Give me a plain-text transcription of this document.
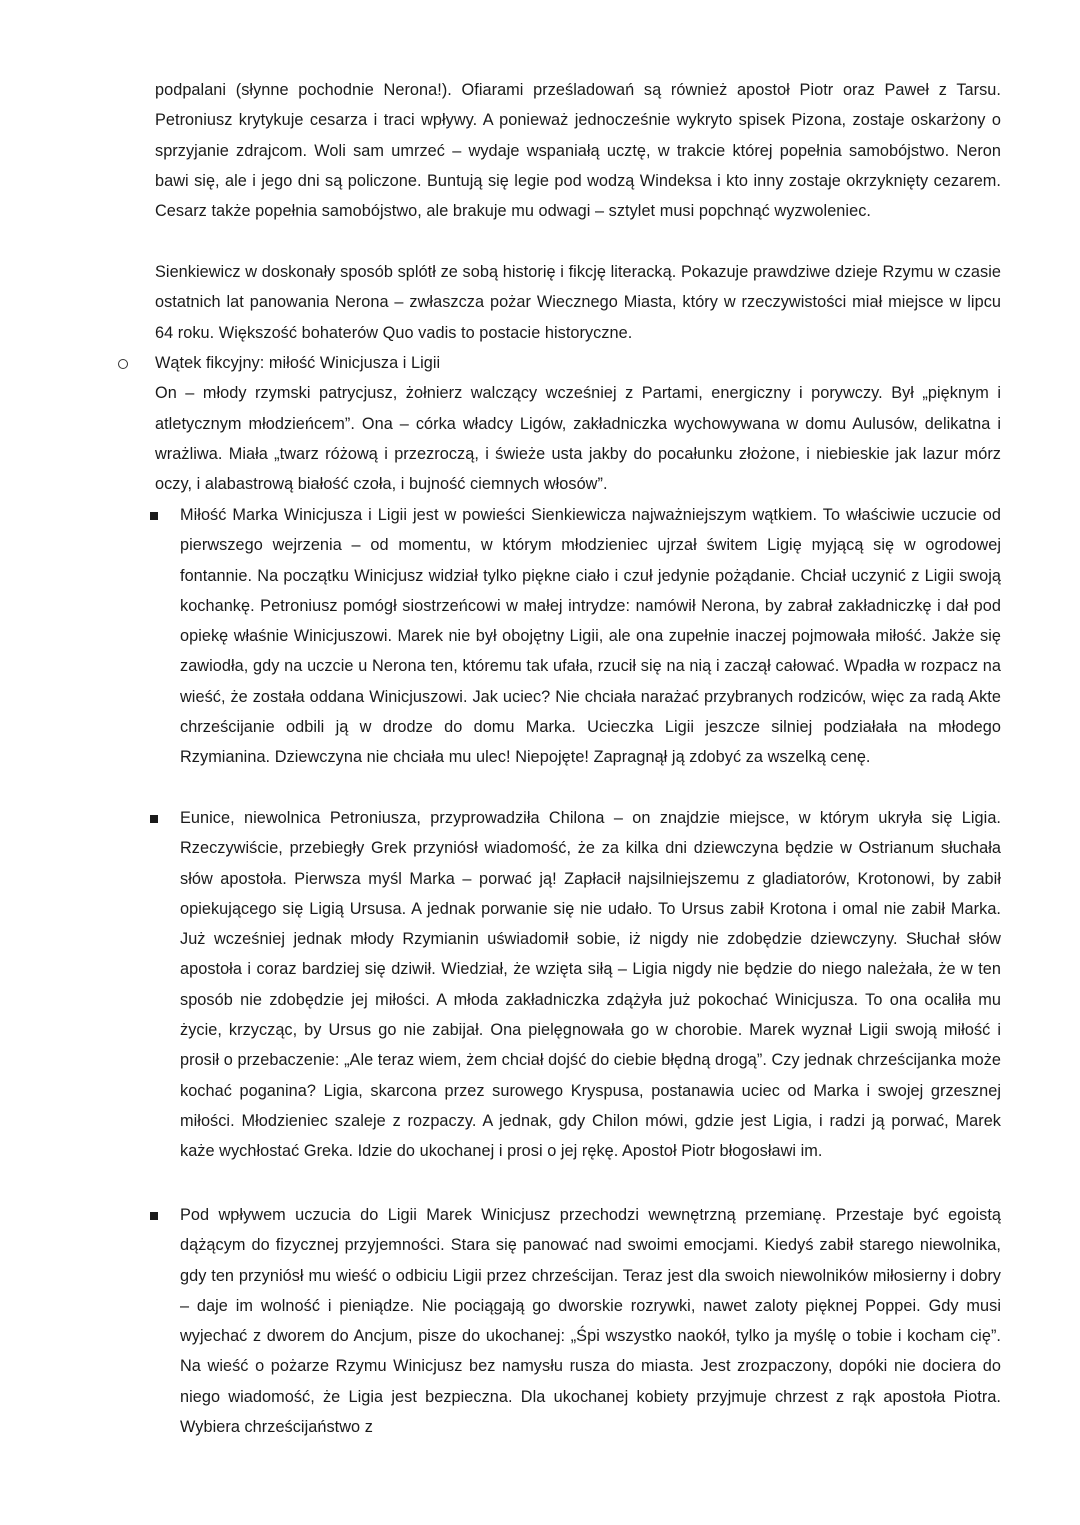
podpalani (słynne pochodnie Nerona!). Ofiarami prześladowań są również apostoł Piotr oraz Paweł z Tarsu. Petroniusz krytykuje cesarza i traci wpływy. A ponieważ jednocześnie wykryto spisek Pizona, zostaje oskarżony o sprzyjanie zdrajcom. Woli sam umrzeć – wydaje wspaniałą ucztę, w trakcie której popełnia samobójstwo. Neron bawi się, ale i jego dni są policzone. Buntują się legie pod wodzą Windeksa i kto inny zostaje okrzyknięty cezarem. Cesarz także popełnia samobójstwo, ale brakuje mu odwagi – sztylet musi popchnąć wyzwoleniec.

Sienkiewicz w doskonały sposób splótł ze sobą historię i fikcję literacką. Pokazuje prawdziwe dzieje Rzymu w czasie ostatnich lat panowania Nerona – zwłaszcza pożar Wiecznego Miasta, który w rzeczywistości miał miejsce w lipcu 64 roku. Większość bohaterów Quo vadis to postacie historyczne.

Wątek fikcyjny: miłość Winicjusza i Ligii

On – młody rzymski patrycjusz, żołnierz walczący wcześniej z Partami, energiczny i porywczy. Był „pięknym i atletycznym młodzieńcem”. Ona – córka władcy Ligów, zakładniczka wychowywana w domu Aulusów, delikatna i wrażliwa. Miała „twarz różową i przezroczą, i świeże usta jakby do pocałunku złożone, i niebieskie jak lazur mórz oczy, i alabastrową białość czoła, i bujność ciemnych włosów”.

Miłość Marka Winicjusza i Ligii jest w powieści Sienkiewicza najważniejszym wątkiem. To właściwie uczucie od pierwszego wejrzenia – od momentu, w którym młodzieniec ujrzał świtem Ligię myjącą się w ogrodowej fontannie. Na początku Winicjusz widział tylko piękne ciało i czuł jedynie pożądanie. Chciał uczynić z Ligii swoją kochankę. Petroniusz pomógł siostrzeńcowi w małej intrydze: namówił Nerona, by zabrał zakładniczkę i dał pod opiekę właśnie Winicjuszowi. Marek nie był obojętny Ligii, ale ona zupełnie inaczej pojmowała miłość. Jakże się zawiodła, gdy na uczcie u Nerona ten, któremu tak ufała, rzucił się na nią i zaczął całować. Wpadła w rozpacz na wieść, że została oddana Winicjuszowi. Jak uciec? Nie chciała narażać przybranych rodziców, więc za radą Akte chrześcijanie odbili ją w drodze do domu Marka. Ucieczka Ligii jeszcze silniej podziałała na młodego Rzymianina. Dziewczyna nie chciała mu ulec! Niepojęte! Zapragnął ją zdobyć za wszelką cenę.

Eunice, niewolnica Petroniusza, przyprowadziła Chilona – on znajdzie miejsce, w którym ukryła się Ligia. Rzeczywiście, przebiegły Grek przyniósł wiadomość, że za kilka dni dziewczyna będzie w Ostrianum słuchała słów apostoła. Pierwsza myśl Marka – porwać ją! Zapłacił najsilniejszemu z gladiatorów, Krotonowi, by zabił opiekującego się Ligią Ursusa. A jednak porwanie się nie udało. To Ursus zabił Krotona i omal nie zabił Marka. Już wcześniej jednak młody Rzymianin uświadomił sobie, iż nigdy nie zdobędzie dziewczyny. Słuchał słów apostoła i coraz bardziej się dziwił. Wiedział, że wzięta siłą – Ligia nigdy nie będzie do niego należała, że w ten sposób nie zdobędzie jej miłości. A młoda zakładniczka zdążyła już pokochać Winicjusza. To ona ocaliła mu życie, krzycząc, by Ursus go nie zabijał. Ona pielęgnowała go w chorobie. Marek wyznał Ligii swoją miłość i prosił o przebaczenie: „Ale teraz wiem, żem chciał dojść do ciebie błędną drogą”. Czy jednak chrześcijanka może kochać poganina? Ligia, skarcona przez surowego Kryspusa, postanawia uciec od Marka i swojej grzesznej miłości. Młodzieniec szaleje z rozpaczy. A jednak, gdy Chilon mówi, gdzie jest Ligia, i radzi ją porwać, Marek każe wychłostać Greka. Idzie do ukochanej i prosi o jej rękę. Apostoł Piotr błogosławi im.

Pod wpływem uczucia do Ligii Marek Winicjusz przechodzi wewnętrzną przemianę. Przestaje być egoistą dążącym do fizycznej przyjemności. Stara się panować nad swoimi emocjami. Kiedyś zabił starego niewolnika, gdy ten przyniósł mu wieść o odbiciu Ligii przez chrześcijan. Teraz jest dla swoich niewolników miłosierny i dobry – daje im wolność i pieniądze. Nie pociągają go dworskie rozrywki, nawet zaloty pięknej Poppei. Gdy musi wyjechać z dworem do Ancjum, pisze do ukochanej: „Śpi wszystko naokół, tylko ja myślę o tobie i kocham cię”. Na wieść o pożarze Rzymu Winicjusz bez namysłu rusza do miasta. Jest zrozpaczony, dopóki nie dociera do niego wiadomość, że Ligia jest bezpieczna. Dla ukochanej kobiety przyjmuje chrzest z rąk apostoła Piotra. Wybiera chrześcijaństwo z
